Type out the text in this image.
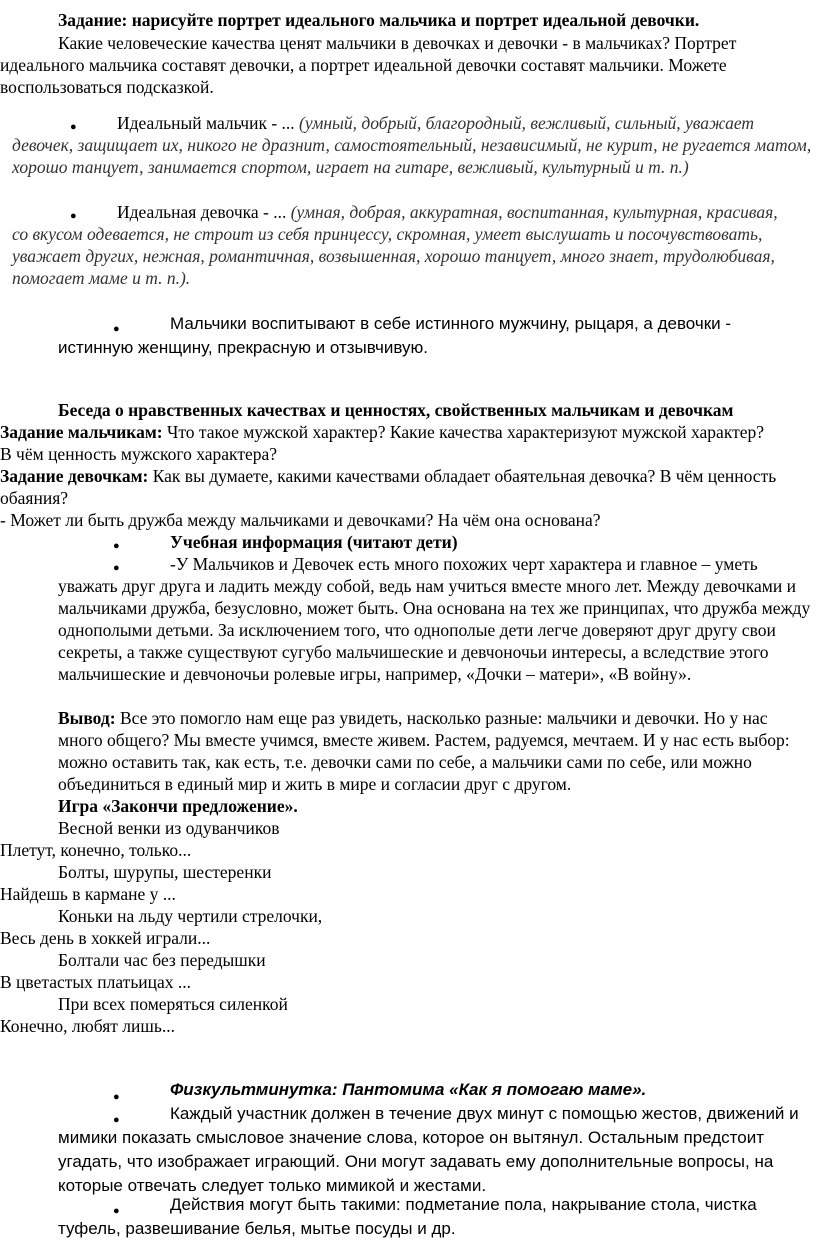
Задание: нарисуйте портрет идеального мальчика и портрет идеальной девочки.

Какие человеческие качества ценят мальчики в девочках и девочки - в мальчиках? Портрет идеального мальчика составят девочки, а портрет идеальной девочки составят мальчики. Можете воспользоваться подсказкой.

●	Идеальный мальчик - ... (умный, добрый, благородный, вежливый, сильный, уважает девочек, защищает их, никого не дразнит, самостоятельный, независимый, не курит, не ругается матом, хорошо танцует, занимается спортом, играет на гитаре, вежливый, культурный и т. п.)

●	Идеальная девочка - ... (умная, добрая, аккуратная, воспитанная, культурная, красивая, со вкусом одевается, не строит из себя принцессу, скромная, умеет выслушать и посочувствовать, уважает других, нежная, романтичная, возвышенная, хорошо танцует, много знает, трудолюбивая, помогает маме и т. п.).

●	Мальчики воспитывают в себе истинного мужчину, рыцаря, а девочки - истинную женщину, прекрасную и отзывчивую.

Беседа о нравственных качествах и ценностях, свойственных мальчикам и девочкам

Задание мальчикам: Что такое мужской характер? Какие качества характеризуют мужской характер? В чём ценность мужского характера?

Задание девочкам: Как вы думаете, какими качествами обладает обаятельная девочка? В чём ценность обаяния?

- Может ли быть дружба между мальчиками и девочками? На чём она основана?

●	Учебная информация (читают дети)

●	-У Мальчиков и Девочек есть много похожих черт характера и главное – уметь уважать друг друга и ладить между собой, ведь нам учиться вместе много лет. Между девочками и мальчиками дружба, безусловно, может быть. Она основана на тех же принципах, что дружба между однополыми детьми. За исключением того, что однополые дети легче доверяют друг другу свои секреты, а также существуют сугубо мальчишеские и девчоночьи интересы, а вследствие этого мальчишеские и девчоночьи ролевые игры, например, «Дочки – матери», «В войну».

Вывод: Все это помогло нам еще раз увидеть, насколько разные: мальчики и девочки. Но у нас много общего? Мы вместе учимся, вместе живем. Растем, радуемся, мечтаем. И у нас есть выбор: можно оставить так, как есть, т.е. девочки сами по себе, а мальчики сами по себе, или можно объединиться в единый мир и жить в мире и согласии друг с другом.

Игра «Закончи предложение».

Весной венки из одуванчиков

Плетут, конечно, только...

Болты, шурупы, шестеренки

Найдешь в кармане у ...

Коньки на льду чертили стрелочки,

Весь день в хоккей играли...

Болтали час без передышки

В цветастых платьицах ...

При всех померяться силенкой

Конечно, любят лишь...

●	Физкультминутка: Пантомима «Как я помогаю маме».

●	Каждый участник должен в течение двух минут с помощью жестов, движений и мимики показать смысловое значение слова, которое он вытянул. Остальным предстоит угадать, что изображает играющий. Они могут задавать ему дополнительные вопросы, на которые отвечать следует только мимикой и жестами.

●	Действия могут быть такими: подметание пола, накрывание стола, чистка туфель, развешивание белья, мытье посуды и др.
